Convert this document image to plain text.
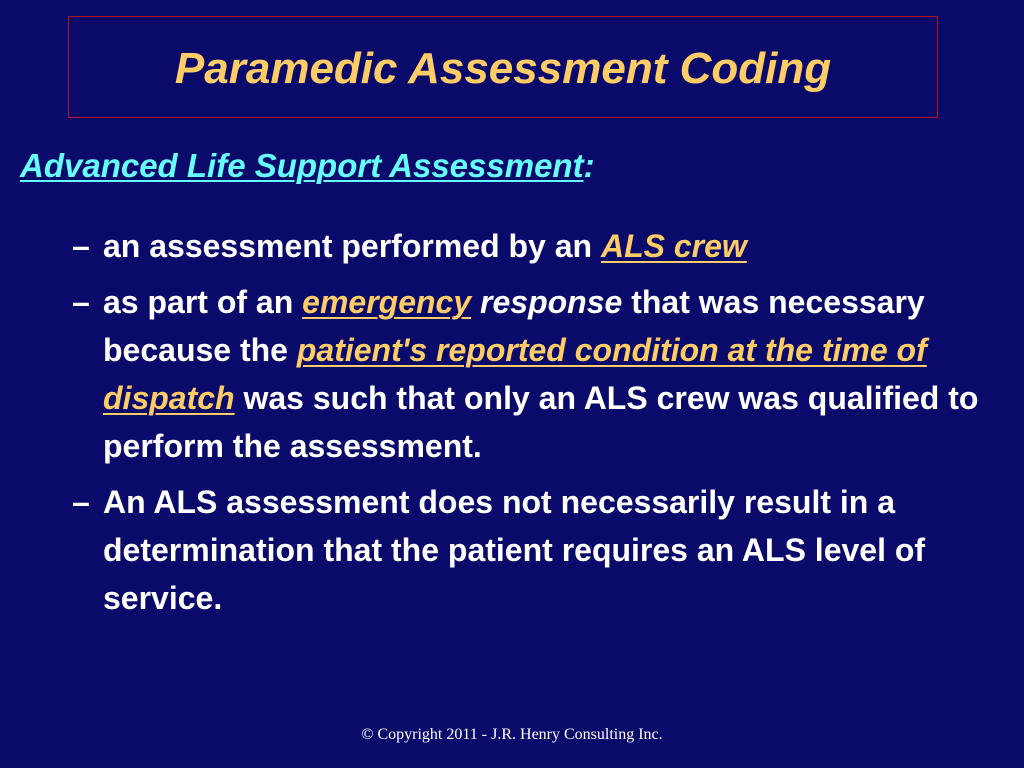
Paramedic Assessment Coding
Advanced Life Support Assessment:
– an assessment performed by an ALS crew
– as part of an emergency response that was necessary because the patient's reported condition at the time of dispatch was such that only an ALS crew was qualified to perform the assessment.
– An ALS assessment does not necessarily result in a determination that the patient requires an ALS level of service.
© Copyright 2011 - J.R. Henry Consulting Inc.
